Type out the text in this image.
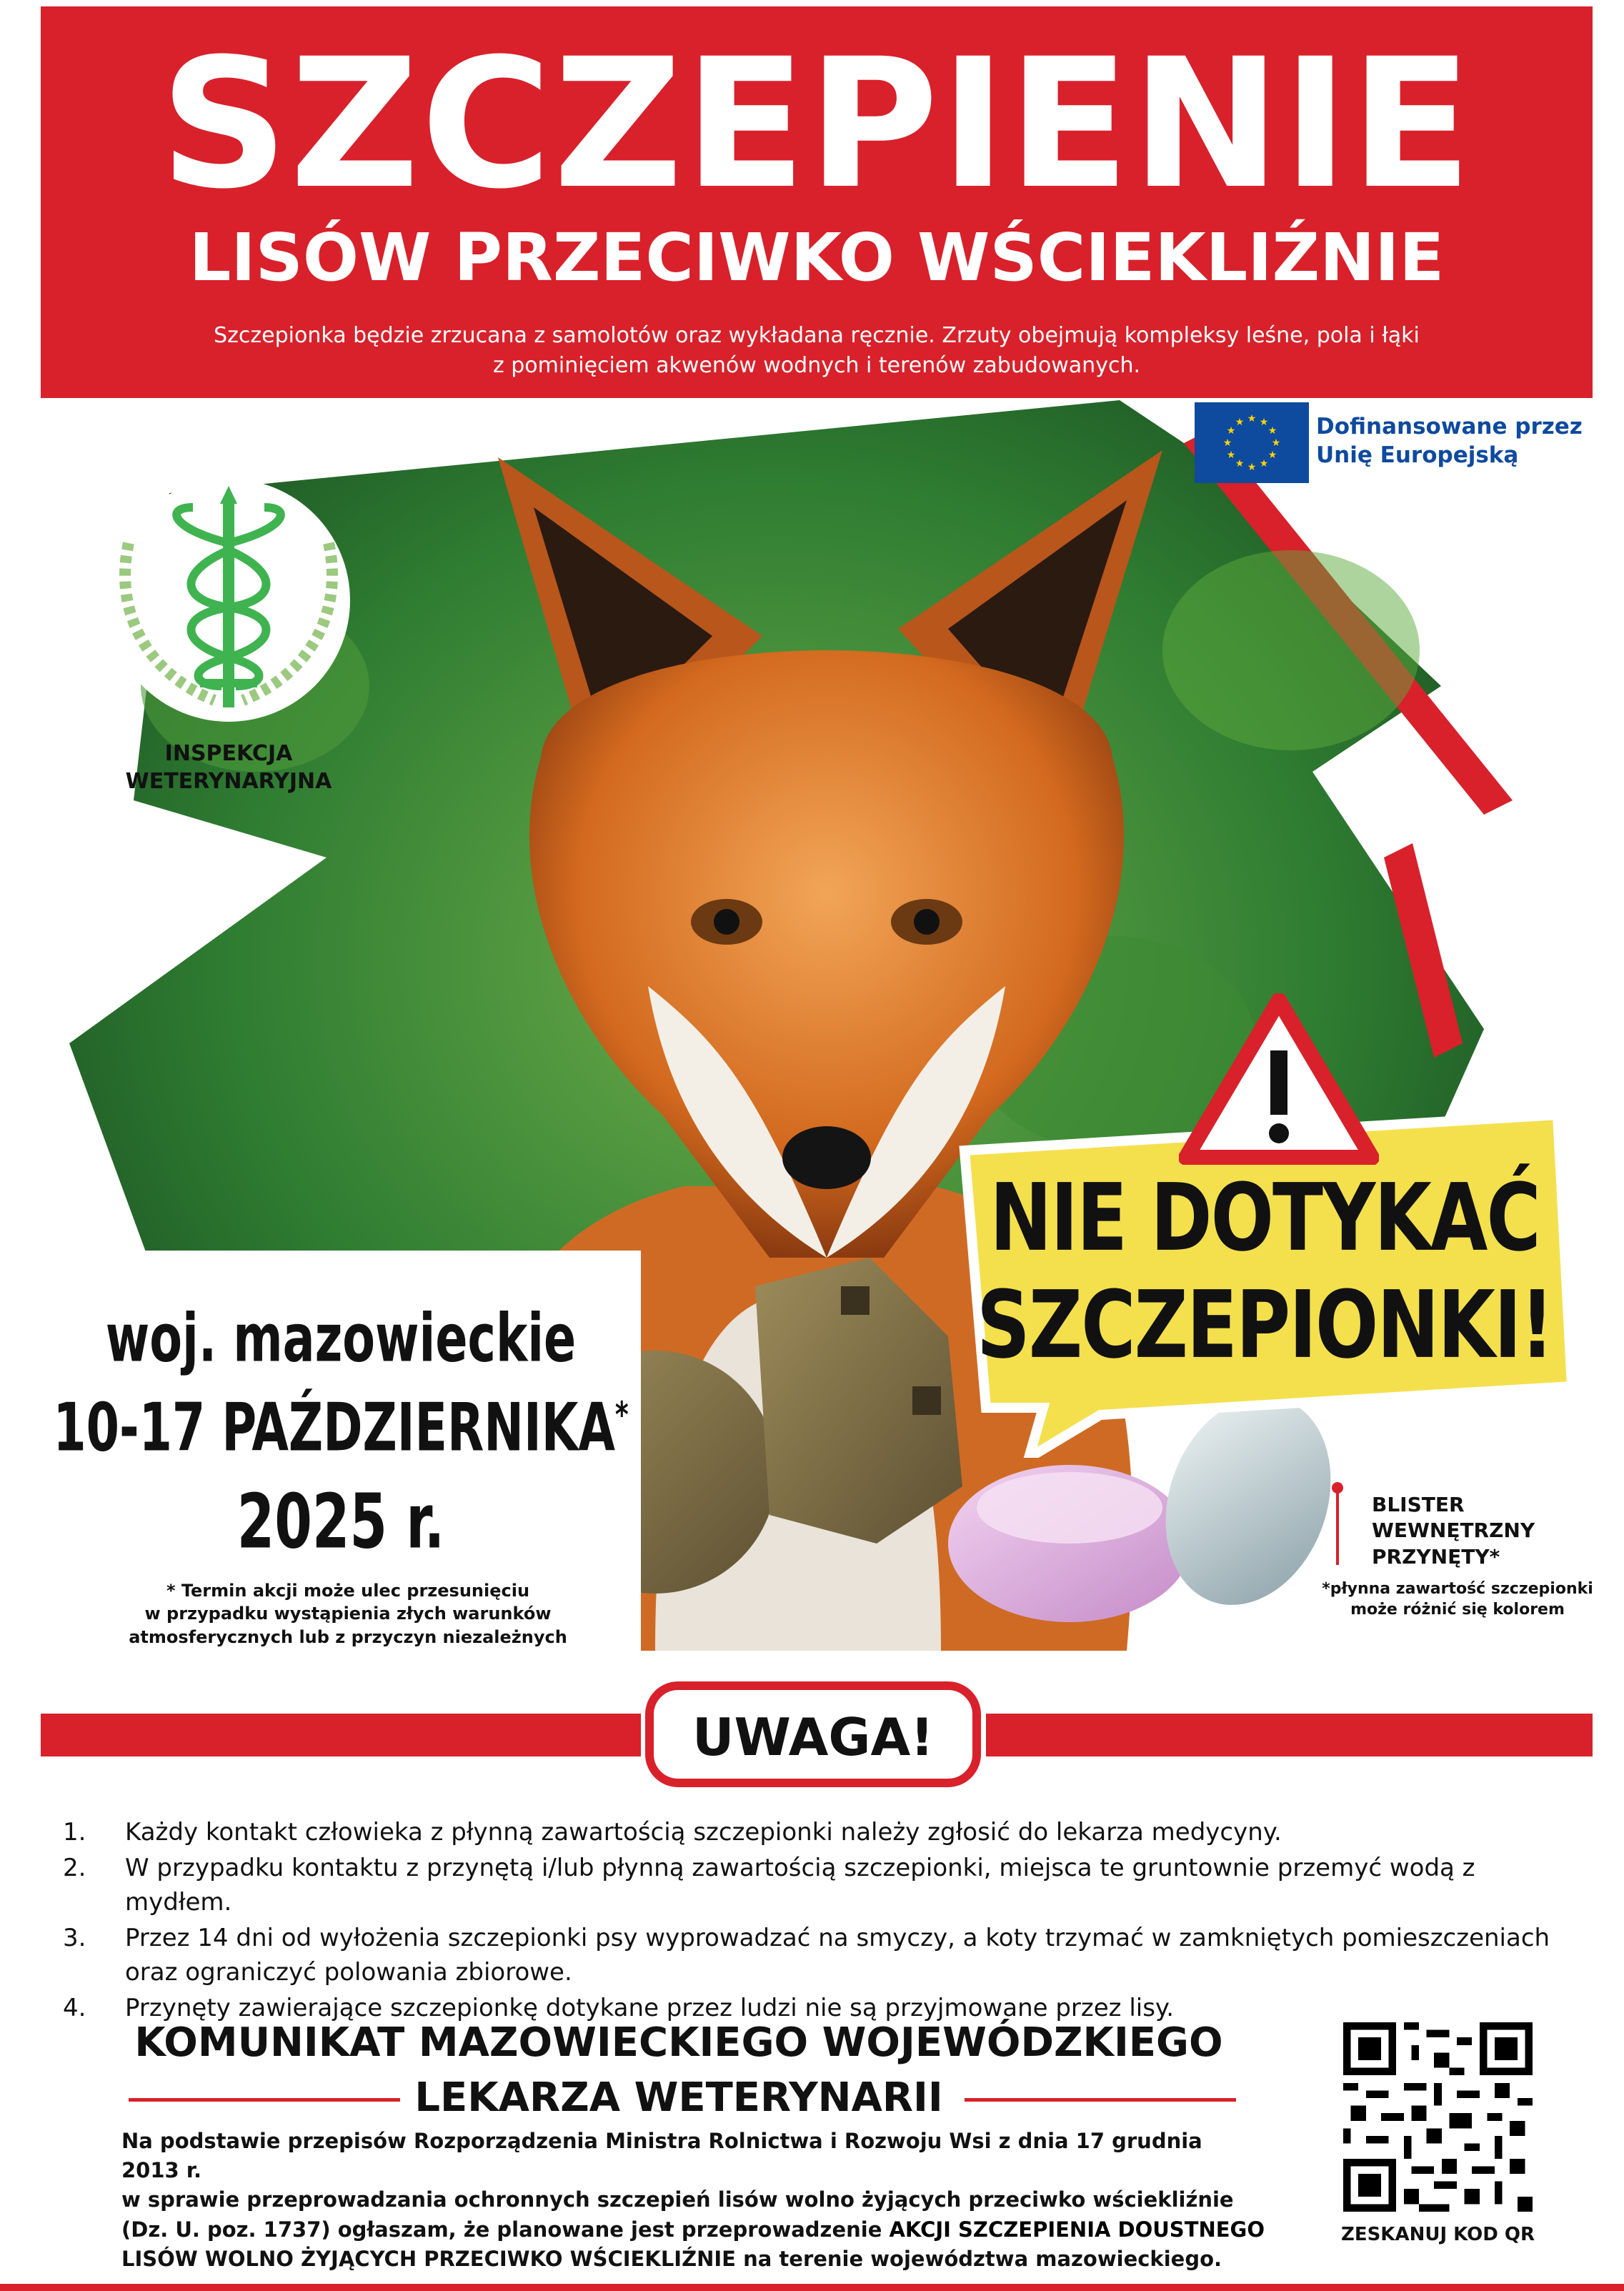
SZCZEPIENIE
LISÓW PRZECIWKO WŚCIEKLIŹNIE
Szczepionka będzie zrzucana z samolotów oraz wykładana ręcznie. Zrzuty obejmują kompleksy leśne, pola i łąki
z pominięciem akwenów wodnych i terenów zabudowanych.
★ ★
★
★
★
★
★
★
★
★
★
★	Dofinansowane przez
Unię Europejską
INSPEKCJA
WETERYNARYJNA
woj. mazowieckie
10-17 PAŹDZIERNIKA*
2025 r.
* Termin akcji może ulec przesunięciu
w przypadku wystąpienia złych warunków
atmosferycznych lub z przyczyn niezależnych
NIE DOTYKAĆ
SZCZEPIONKI!
BLISTER
WEWNĘTRZNY
PRZYNĘTY*
*płynna zawartość szczepionki
może różnić się kolorem
UWAGA!
1. Każdy kontakt człowieka z płynną zawartością szczepionki należy zgłosić do lekarza medycyny.
2. W przypadku kontaktu z przynętą i/lub płynną zawartością szczepionki, miejsca te gruntownie przemyć wodą z mydłem.
3. Przez 14 dni od wyłożenia szczepionki psy wyprowadzać na smyczy, a koty trzymać w zamkniętych pomieszczeniach
oraz ograniczyć polowania zbiorowe.
4. Przynęty zawierające szczepionkę dotykane przez ludzi nie są przyjmowane przez lisy.
KOMUNIKAT MAZOWIECKIEGO WOJEWÓDZKIEGO
LEKARZA WETERYNARII
Na podstawie przepisów Rozporządzenia Ministra Rolnictwa i Rozwoju Wsi z dnia 17 grudnia 2013 r.
w sprawie przeprowadzania ochronnych szczepień lisów wolno żyjących przeciwko wściekliźnie
(Dz. U. poz. 1737) ogłaszam, że planowane jest przeprowadzenie AKCJI SZCZEPIENIA DOUSTNEGO
LISÓW WOLNO ŻYJĄCYCH PRZECIWKO WŚCIEKLIŹNIE na terenie województwa mazowieckiego.
ZESKANUJ KOD QR
